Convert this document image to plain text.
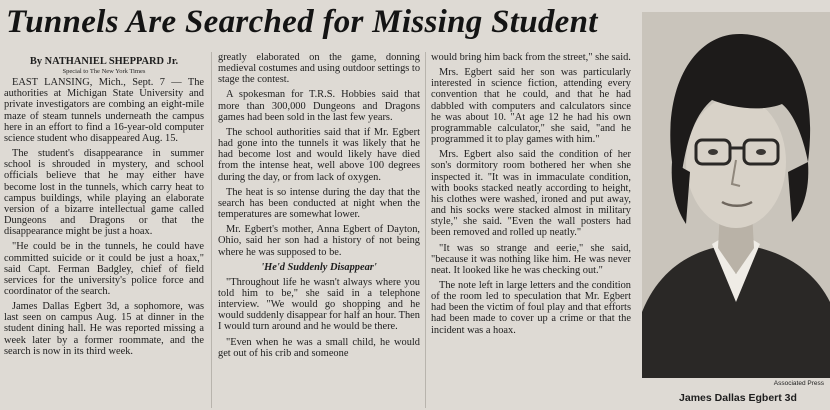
Tunnels Are Searched for Missing Student
By NATHANIEL SHEPPARD Jr.
Special to The New York Times

EAST LANSING, Mich., Sept. 7 — The authorities at Michigan State University and private investigators are combing an eight-mile maze of steam tunnels underneath the campus here in an effort to find a 16-year-old computer science student who disappeared Aug. 15.

The student's disappearance in summer school is shrouded in mystery, and school officials believe that he may either have become lost in the tunnels, which carry heat to campus buildings, while playing an elaborate version of a bizarre intellectual game called Dungeons and Dragons or that the disappearance might be just a hoax.

"He could be in the tunnels, he could have committed suicide or it could be just a hoax," said Capt. Ferman Badgley, chief of field services for the university's police force and coordinator of the search.

James Dallas Egbert 3d, a sophomore, was last seen on campus Aug. 15 at dinner in the student dining hall. He was reported missing a week later by a former roommate, and the search is now in its third week.

greatly elaborated on the game, donning medieval costumes and using outdoor settings to stage the contest.

A spokesman for T.R.S. Hobbies said that more than 300,000 Dungeons and Dragons games had been sold in the last few years.

The school authorities said that if Mr. Egbert had gone into the tunnels it was likely that he had become lost and would likely have died from the intense heat, well above 100 degrees during the day, or from lack of oxygen.

The heat is so intense during the day that the search has been conducted at night when the temperatures are somewhat lower.

Mr. Egbert's mother, Anna Egbert of Dayton, Ohio, said her son had a history of not being where he was supposed to be.

'He'd Suddenly Disappear'

"Throughout life he wasn't always where you told him to be," she said in a telephone interview. "We would go shopping and he would suddenly disappear for half an hour. Then I would turn around and he would be there.

"Even when he was a small child, he would get out of his crib and someone

would bring him back from the street," she said.

Mrs. Egbert said her son was particularly interested in science fiction, attending every convention that he could, and that he had dabbled with computers and calculators since he was about 10. "At age 12 he had his own programmable calculator," she said, "and he programmed it to play games with him."

Mrs. Egbert also said the condition of her son's dormitory room bothered her when she inspected it. "It was in immaculate condition, with books stacked neatly according to height, his clothes were washed, ironed and put away, and his socks were stacked almost in military style," she said. "Even the wall posters had been removed and rolled up neatly."

"It was so strange and eerie," she said, "because it was nothing like him. He was never neat. It looked like he was checking out."

The note left in large letters and the condition of the room led to speculation that Mr. Egbert had been the victim of foul play and that efforts had been made to cover up a crime or that the incident was a hoax.

Associated Press
James Dallas Egbert 3d
